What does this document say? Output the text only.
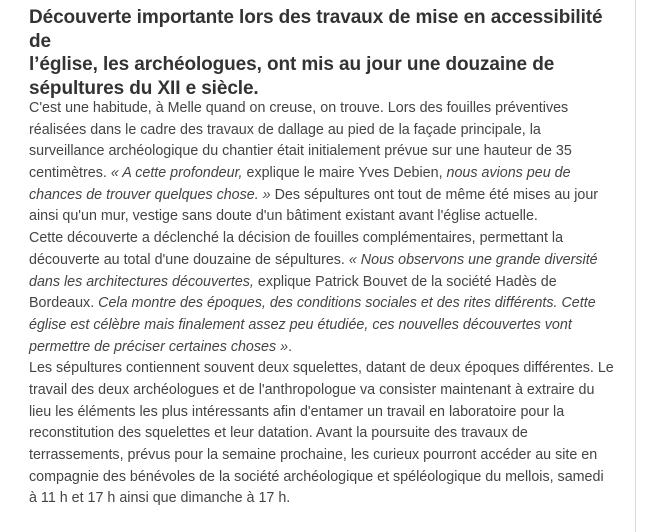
Découverte importante lors des travaux de mise en accessibilité de
l’église, les archéologues, ont mis au jour une douzaine de
sépultures du XII e siècle.
C'est une habitude, à Melle quand on creuse, on trouve. Lors des fouilles préventives
réalisées dans le cadre des travaux de dallage au pied de la façade principale, la
surveillance archéologique du chantier était initialement prévue sur une hauteur de 35
centimètres. « A cette profondeur, explique le maire Yves Debien, nous avions peu de
chances de trouver quelques chose. » Des sépultures ont tout de même été mises au jour
ainsi qu'un mur, vestige sans doute d'un bâtiment existant avant l'église actuelle.
Cette découverte a déclenché la décision de fouilles complémentaires, permettant la
découverte au total d'une douzaine de sépultures. « Nous observons une grande diversité
dans les architectures découvertes, explique Patrick Bouvet de la société Hadès de
Bordeaux. Cela montre des époques, des conditions sociales et des rites différents. Cette
église est célèbre mais finalement assez peu étudiée, ces nouvelles découvertes vont
permettre de préciser certaines choses ».
Les sépultures contiennent souvent deux squelettes, datant de deux époques différentes. Le
travail des deux archéologues et de l'anthropologue va consister maintenant à extraire du
lieu les éléments les plus intéressants afin d'entamer un travail en laboratoire pour la
reconstitution des squelettes et leur datation. Avant la poursuite des travaux de
terrassements, prévus pour la semaine prochaine, les curieux pourront accéder au site en
compagnie des bénévoles de la société archéologique et spéléologique du mellois, samedi
à 11 h et 17 h ainsi que dimanche à 17 h.
